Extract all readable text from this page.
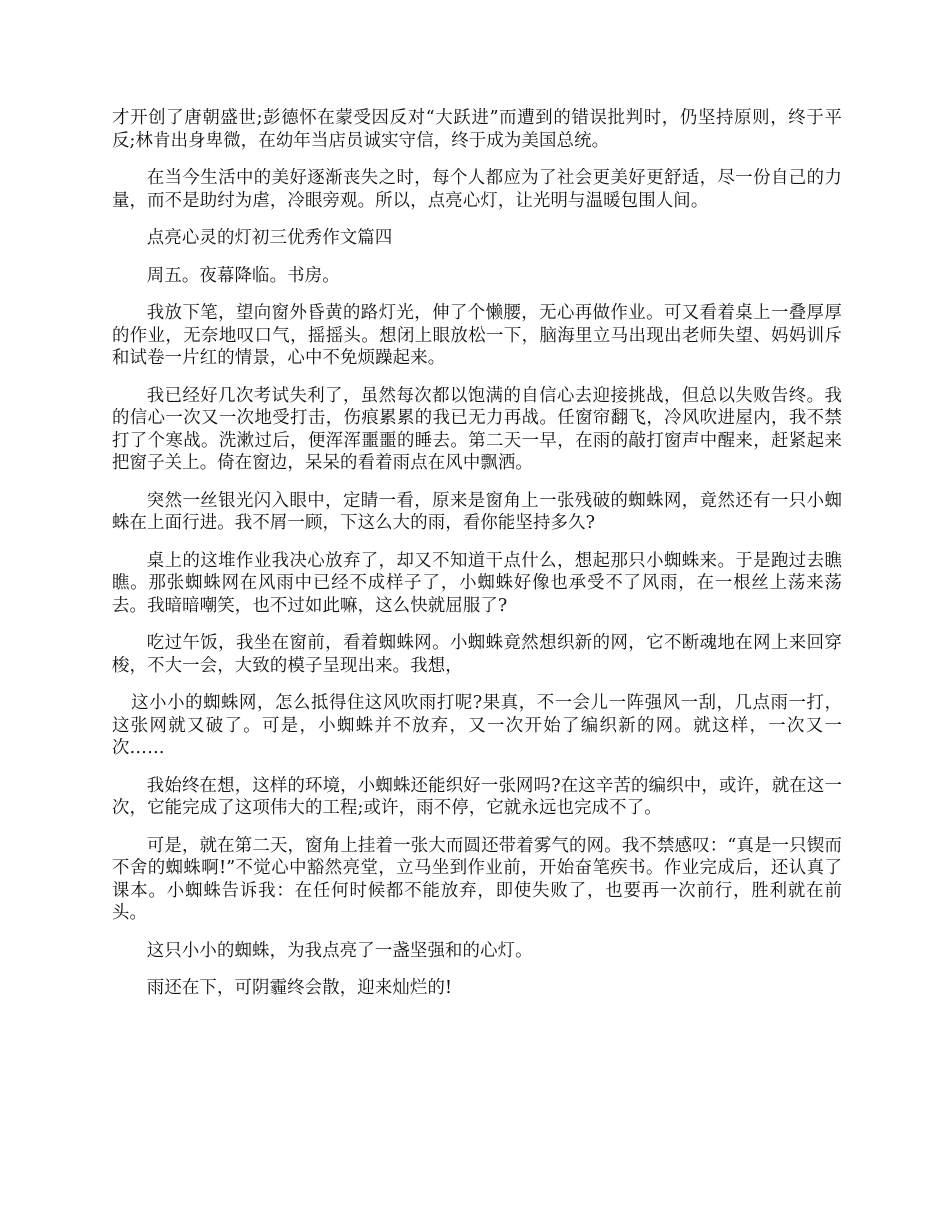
才开创了唐朝盛世;彭德怀在蒙受因反对“大跃进”而遭到的错误批判时，仍坚持原则，终于平反;林肯出身卑微，在幼年当店员诚实守信，终于成为美国总统。

在当今生活中的美好逐渐丧失之时，每个人都应为了社会更美好更舒适，尽一份自己的力量，而不是助纣为虐，冷眼旁观。所以，点亮心灯，让光明与温暖包围人间。

点亮心灵的灯初三优秀作文篇四

周五。夜幕降临。书房。

我放下笔，望向窗外昏黄的路灯光，伸了个懒腰，无心再做作业。可又看着桌上一叠厚厚的作业，无奈地叹口气，摇摇头。想闭上眼放松一下，脑海里立马出现出老师失望、妈妈训斥和试卷一片红的情景，心中不免烦躁起来。

我已经好几次考试失利了，虽然每次都以饱满的自信心去迎接挑战，但总以失败告终。我的信心一次又一次地受打击，伤痕累累的我已无力再战。任窗帘翻飞，冷风吹进屋内，我不禁打了个寒战。洗漱过后，便浑浑噩噩的睡去。第二天一早，在雨的敲打窗声中醒来，赶紧起来把窗子关上。倚在窗边，呆呆的看着雨点在风中飘洒。

突然一丝银光闪入眼中，定睛一看，原来是窗角上一张残破的蜘蛛网，竟然还有一只小蜘蛛在上面行进。我不屑一顾，下这么大的雨，看你能坚持多久?

桌上的这堆作业我决心放弃了，却又不知道干点什么，想起那只小蜘蛛来。于是跑过去瞧瞧。那张蜘蛛网在风雨中已经不成样子了，小蜘蛛好像也承受不了风雨，在一根丝上荡来荡去。我暗暗嘲笑，也不过如此嘛，这么快就屈服了?

吃过午饭，我坐在窗前，看着蜘蛛网。小蜘蛛竟然想织新的网，它不断魂地在网上来回穿梭，不大一会，大致的模子呈现出来。我想，

这小小的蜘蛛网，怎么抵得住这风吹雨打呢?果真，不一会儿一阵强风一刮，几点雨一打，这张网就又破了。可是，小蜘蛛并不放弃，又一次开始了编织新的网。就这样，一次又一次……

我始终在想，这样的环境，小蜘蛛还能织好一张网吗?在这辛苦的编织中，或许，就在这一次，它能完成了这项伟大的工程;或许，雨不停，它就永远也完成不了。

可是，就在第二天，窗角上挂着一张大而圆还带着雾气的网。我不禁感叹：“真是一只锲而不舍的蜘蛛啊!”不觉心中豁然亮堂，立马坐到作业前，开始奋笔疾书。作业完成后，还认真了课本。小蜘蛛告诉我：在任何时候都不能放弃，即使失败了，也要再一次前行，胜利就在前头。

这只小小的蜘蛛，为我点亮了一盏坚强和的心灯。

雨还在下，可阴霾终会散，迎来灿烂的!
